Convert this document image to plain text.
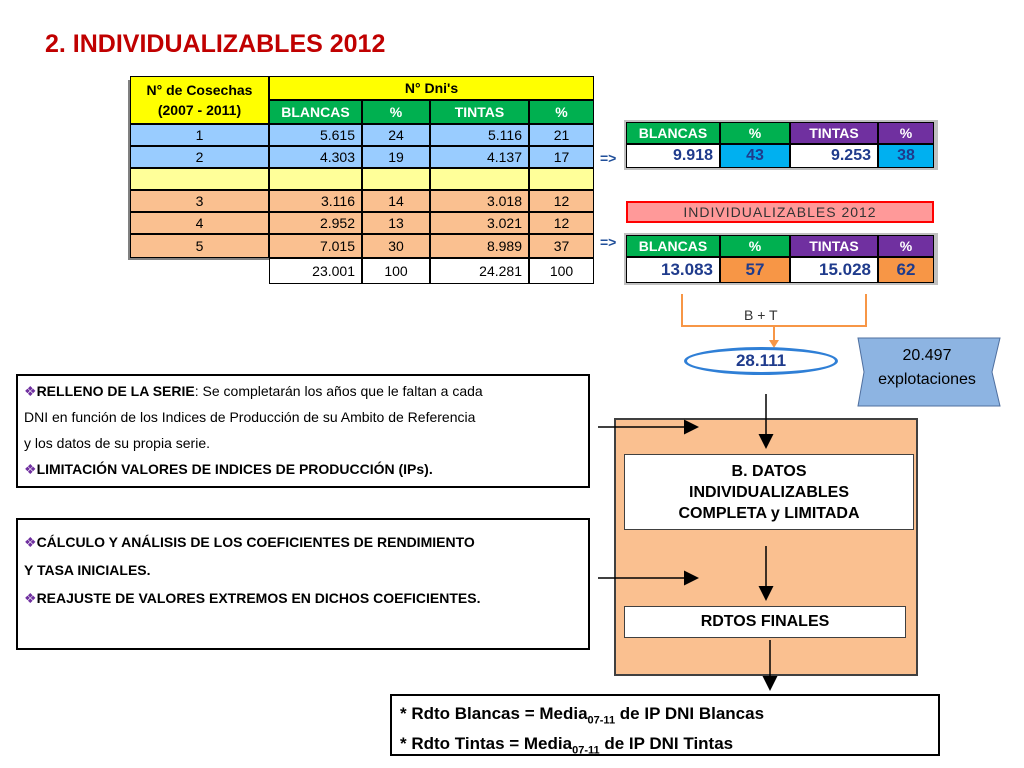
2. INDIVIDUALIZABLES 2012
N° de Cosechas
(2007 - 2011)
N° Dni's
BLANCAS	%	TINTAS	%
1	5.615	24	5.116	21
2	4.303	19	4.137	17
3	3.116	14	3.018	12
4	2.952	13	3.021	12
5	7.015	30	8.989	37
23.001	100	24.281	100
=>
=>
BLANCAS	%	TINTAS	%
9.918	43	9.253	38
INDIVIDUALIZABLES 2012
BLANCAS	%	TINTAS	%
13.083	57	15.028	62
B + T
28.111	20.497
explotaciones
❖RELLENO DE LA SERIE: Se completarán los años que le faltan a cada
DNI en función de los Indices de Producción de su Ambito de Referencia
y los datos de su propia serie.
❖LIMITACIÓN VALORES DE INDICES DE PRODUCCIÓN (IPs).
❖CÁLCULO Y ANÁLISIS DE LOS COEFICIENTES DE RENDIMIENTO
Y TASA INICIALES.
❖REAJUSTE DE VALORES EXTREMOS EN DICHOS COEFICIENTES.
B. DATOS
INDIVIDUALIZABLES
COMPLETA y LIMITADA
RDTOS FINALES
* Rdto Blancas = Media$_{07-11}$ de IP DNI Blancas
* Rdto Tintas = Media$_{07-11}$ de IP DNI Tintas
